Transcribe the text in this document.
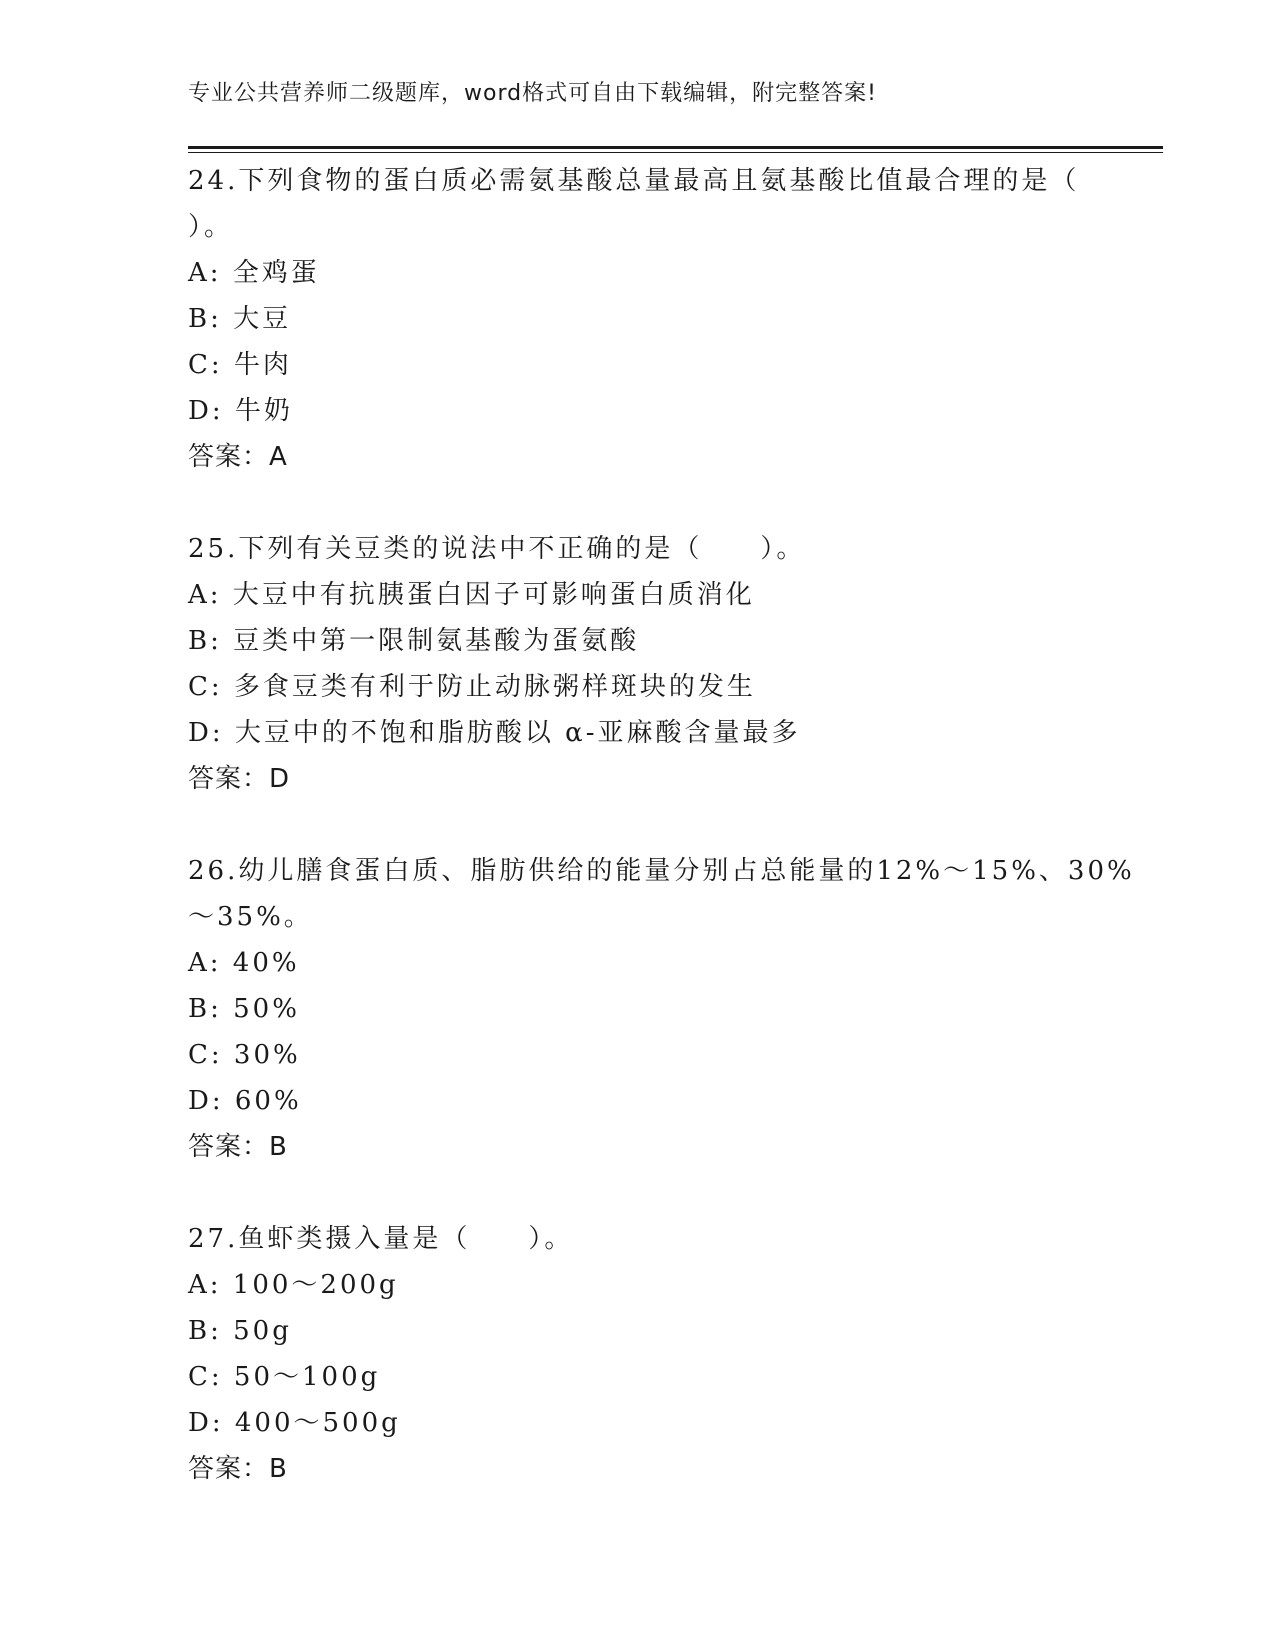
专业公共营养师二级题库，word格式可自由下载编辑，附完整答案!
24.下列食物的蛋白质必需氨基酸总量最高且氨基酸比值最合理的是（
）。
A: 全鸡蛋
B: 大豆
C: 牛肉
D: 牛奶
答案：A
25.下列有关豆类的说法中不正确的是（　　）。
A: 大豆中有抗胰蛋白因子可影响蛋白质消化
B: 豆类中第一限制氨基酸为蛋氨酸
C: 多食豆类有利于防止动脉粥样斑块的发生
D: 大豆中的不饱和脂肪酸以 α-亚麻酸含量最多
答案：D
26.幼儿膳食蛋白质、脂肪供给的能量分别占总能量的12%～15%、30%
～35%。
A: 40%
B: 50%
C: 30%
D: 60%
答案：B
27.鱼虾类摄入量是（　　）。
A: 100～200g
B: 50g
C: 50～100g
D: 400～500g
答案：B
